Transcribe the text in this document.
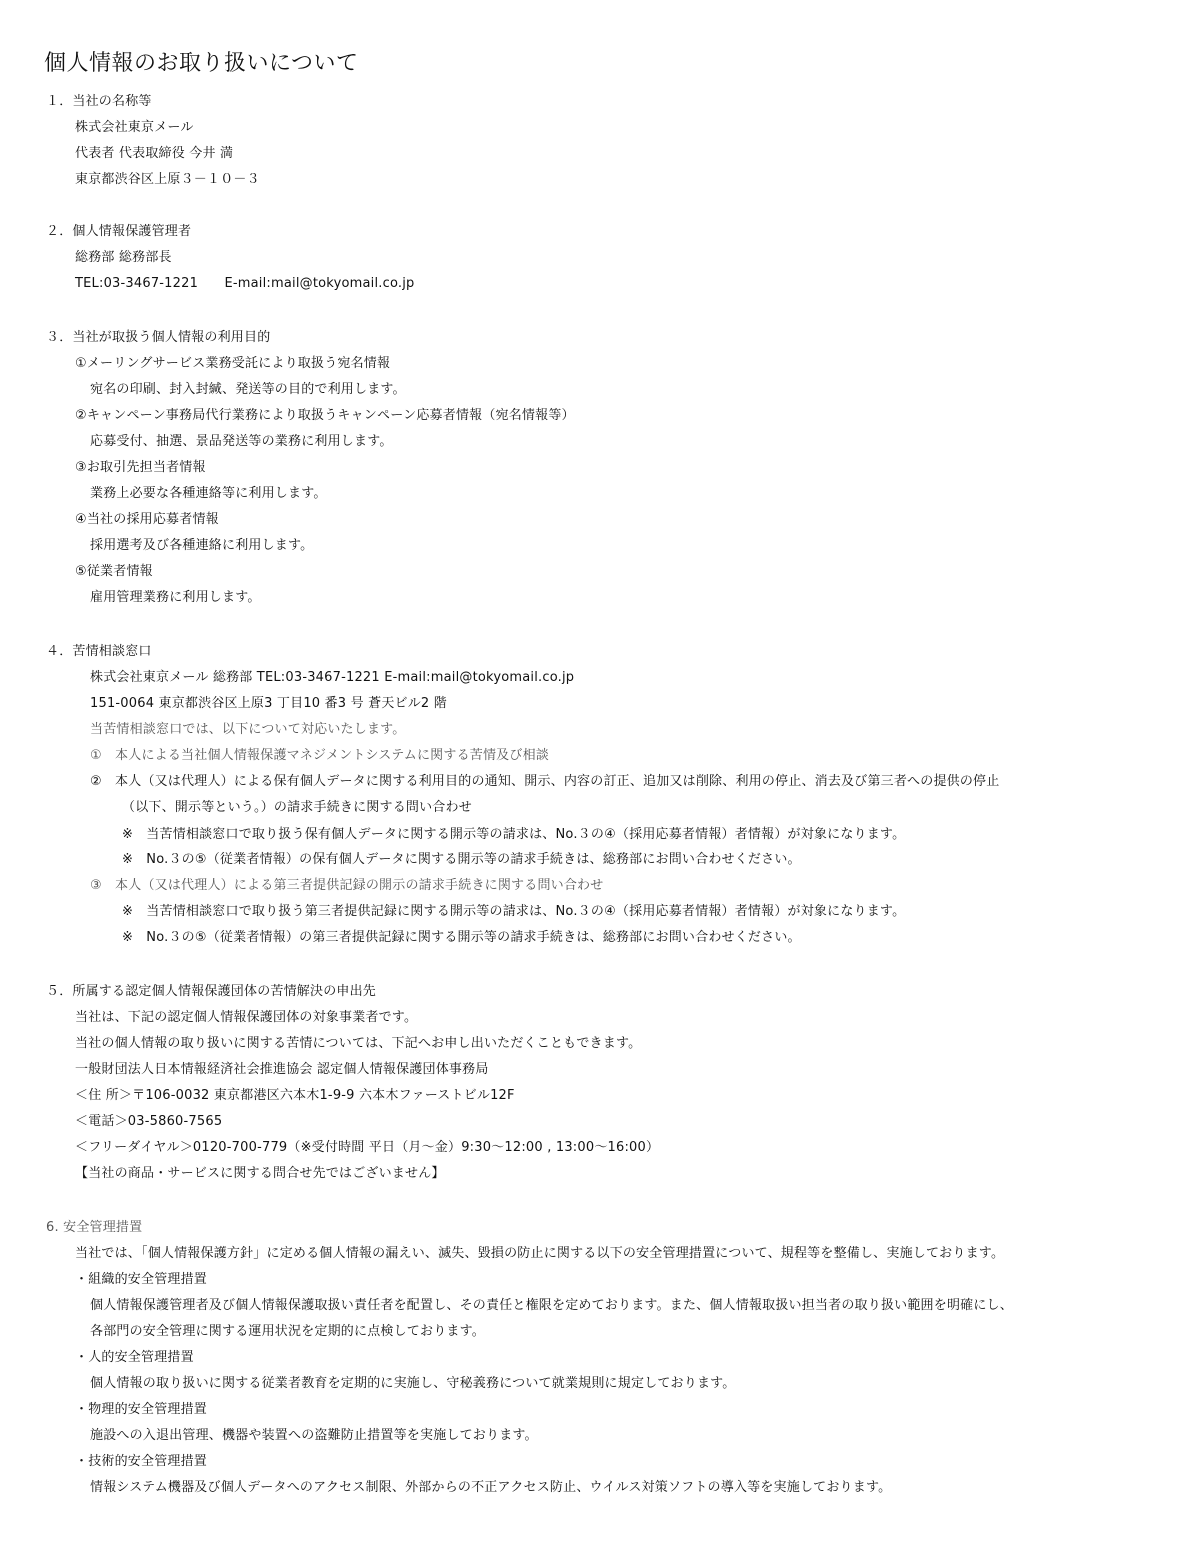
個人情報のお取り扱いについて
１．当社の名称等
株式会社東京メール
代表者 代表取締役 今井 満
東京都渋谷区上原３－１０－３
２．個人情報保護管理者
総務部 総務部長
TEL:03-3467-1221　　E-mail:mail@tokyomail.co.jp
３．当社が取扱う個人情報の利用目的
①メーリングサービス業務受託により取扱う宛名情報
宛名の印刷、封入封緘、発送等の目的で利用します。
②キャンペーン事務局代行業務により取扱うキャンペーン応募者情報（宛名情報等）
応募受付、抽選、景品発送等の業務に利用します。
③お取引先担当者情報
業務上必要な各種連絡等に利用します。
④当社の採用応募者情報
採用選考及び各種連絡に利用します。
⑤従業者情報
雇用管理業務に利用します。
４．苦情相談窓口
株式会社東京メール 総務部 TEL:03-3467-1221 E-mail:mail@tokyomail.co.jp
151-0064 東京都渋谷区上原3 丁目10 番3 号 蒼天ビル2 階
当苦情相談窓口では、以下について対応いたします。
①　本人による当社個人情報保護マネジメントシステムに関する苦情及び相談
②　本人（又は代理人）による保有個人データに関する利用目的の通知、開示、内容の訂正、追加又は削除、利用の停止、消去及び第三者への提供の停止
（以下、開示等という。）の請求手続きに関する問い合わせ
※　当苦情相談窓口で取り扱う保有個人データに関する開示等の請求は、No.３の④（採用応募者情報）者情報）が対象になります。
※　No.３の⑤（従業者情報）の保有個人データに関する開示等の請求手続きは、総務部にお問い合わせください。
③　本人（又は代理人）による第三者提供記録の開示の請求手続きに関する問い合わせ
※　当苦情相談窓口で取り扱う第三者提供記録に関する開示等の請求は、No.３の④（採用応募者情報）者情報）が対象になります。
※　No.３の⑤（従業者情報）の第三者提供記録に関する開示等の請求手続きは、総務部にお問い合わせください。
５．所属する認定個人情報保護団体の苦情解決の申出先
当社は、下記の認定個人情報保護団体の対象事業者です。
当社の個人情報の取り扱いに関する苦情については、下記へお申し出いただくこともできます。
一般財団法人日本情報経済社会推進協会 認定個人情報保護団体事務局
＜住 所＞〒106-0032 東京都港区六本木1-9-9 六本木ファーストビル12F
＜電話＞03-5860-7565
＜フリーダイヤル＞0120-700-779（※受付時間 平日（月～金）9:30～12:00 , 13:00～16:00）
【当社の商品・サービスに関する問合せ先ではございません】
6. 安全管理措置
当社では、「個人情報保護方針」に定める個人情報の漏えい、滅失、毀損の防止に関する以下の安全管理措置について、規程等を整備し、実施しております。
・組織的安全管理措置
個人情報保護管理者及び個人情報保護取扱い責任者を配置し、その責任と権限を定めております。また、個人情報取扱い担当者の取り扱い範囲を明確にし、
各部門の安全管理に関する運用状況を定期的に点検しております。
・人的安全管理措置
個人情報の取り扱いに関する従業者教育を定期的に実施し、守秘義務について就業規則に規定しております。
・物理的安全管理措置
施設への入退出管理、機器や装置への盗難防止措置等を実施しております。
・技術的安全管理措置
情報システム機器及び個人データへのアクセス制限、外部からの不正アクセス防止、ウイルス対策ソフトの導入等を実施しております。
